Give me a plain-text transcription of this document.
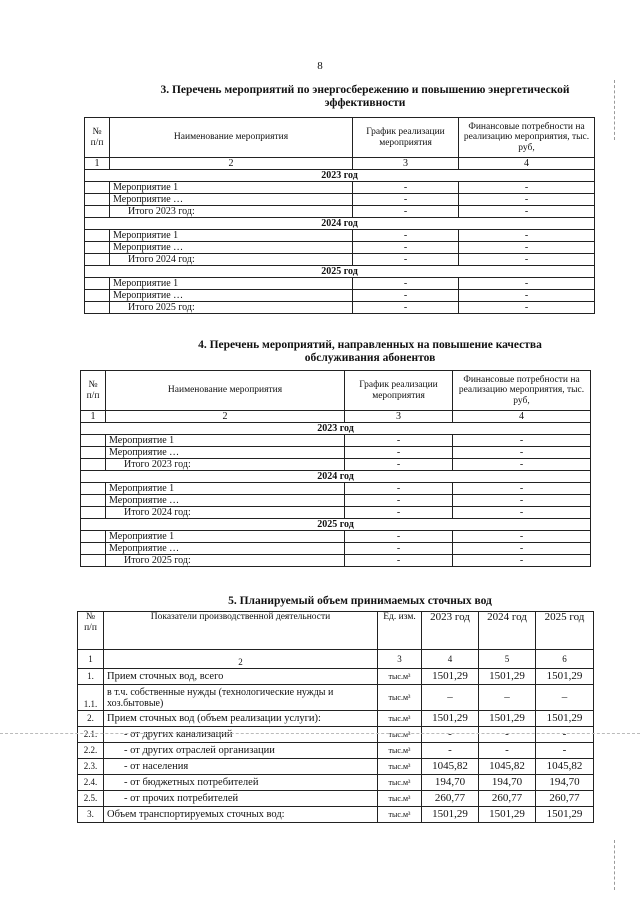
8
3. Перечень мероприятий по энергосбережению и повышению энергетической
эффективности
№ п/п	Наименование мероприятия	График реализации мероприятия	Финансовые потребности на реализацию мероприятия, тыс. руб,
1	2	3	4
2023 год			
	Мероприятие 1	-	-
	Мероприятие …	-	-
	Итого 2023 год:	-	-
2024 год			
	Мероприятие 1	-	-
	Мероприятие …	-	-
	Итого 2024 год:	-	-
2025 год			
	Мероприятие 1	-	-
	Мероприятие …	-	-
	Итого 2025 год:	-	-
4. Перечень мероприятий, направленных на повышение качества
обслуживания абонентов
№ п/п	Наименование мероприятия	График реализации мероприятия	Финансовые потребности на реализацию мероприятия, тыс. руб,
1	2	3	4
2023 год			
	Мероприятие 1	-	-
	Мероприятие …	-	-
	Итого 2023 год:	-	-
2024 год			
	Мероприятие 1	-	-
	Мероприятие …	-	-
	Итого 2024 год:	-	-
2025 год			
	Мероприятие 1	-	-
	Мероприятие …	-	-
	Итого 2025 год:	-	-
5. Планируемый объем принимаемых сточных вод
№ п/п	Показатели производственной деятельности	Ед. изм.	2023 год	2024 год	2025 год
1	2	3	4	5	6
1.	Прием сточных вод, всего	тыс.м³	1501,29	1501,29	1501,29
1.1.	в т.ч. собственные нужды (технологические нужды и хоз.бытовые)	тыс.м³	–	–	–
2.	Прием сточных вод (объем реализации услуги):	тыс.м³	1501,29	1501,29	1501,29
2.1.	- от других канализаций	тыс.м³	-	-	-
2.2.	- от других отраслей организации	тыс.м³	-	-	-
2.3.	- от населения	тыс.м³	1045,82	1045,82	1045,82
2.4.	- от бюджетных потребителей	тыс.м³	194,70	194,70	194,70
2.5.	- от прочих потребителей	тыс.м³	260,77	260,77	260,77
3.	Объем транспортируемых сточных вод:	тыс.м³	1501,29	1501,29	1501,29
